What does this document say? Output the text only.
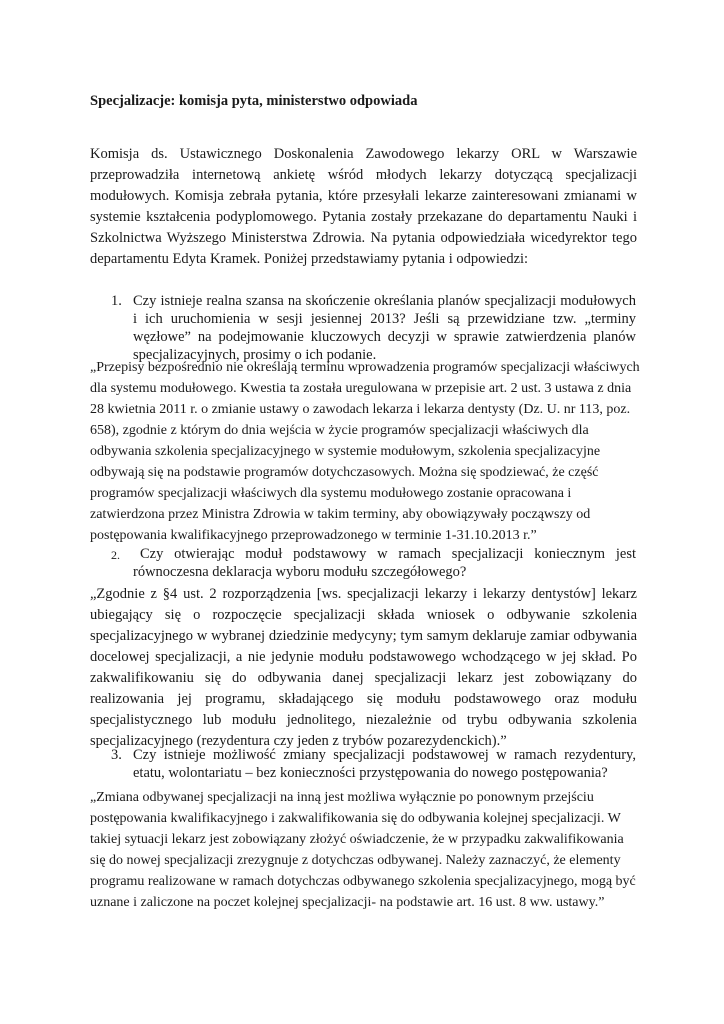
Specjalizacje: komisja pyta, ministerstwo odpowiada
Komisja ds. Ustawicznego Doskonalenia Zawodowego lekarzy ORL w Warszawie przeprowadziła internetową ankietę wśród młodych lekarzy dotyczącą specjalizacji modułowych. Komisja zebrała pytania, które przesyłali lekarze zainteresowani zmianami w systemie kształcenia podyplomowego. Pytania zostały przekazane do departamentu Nauki i Szkolnictwa Wyższego Ministerstwa Zdrowia. Na pytania odpowiedziała wicedyrektor tego departamentu Edyta Kramek. Poniżej przedstawiamy pytania i odpowiedzi:
1. Czy istnieje realna szansa na skończenie określania planów specjalizacji modułowych i ich uruchomienia w sesji jesiennej 2013? Jeśli są przewidziane tzw. „terminy węzłowe” na podejmowanie kluczowych decyzji w sprawie zatwierdzenia planów specjalizacyjnych, prosimy o ich podanie.
„Przepisy bezpośrednio nie określają terminu wprowadzenia programów specjalizacji właściwych dla systemu modułowego. Kwestia ta została uregulowana w przepisie art. 2 ust. 3 ustawa z dnia 28 kwietnia 2011 r. o zmianie ustawy o zawodach lekarza i lekarza dentysty (Dz. U. nr 113, poz. 658), zgodnie z którym do dnia wejścia w życie programów specjalizacji właściwych dla odbywania szkolenia specjalizacyjnego w systemie modułowym, szkolenia specjalizacyjne odbywają się na podstawie programów dotychczasowych. Można się spodziewać, że część programów specjalizacji właściwych dla systemu modułowego zostanie opracowana i zatwierdzona przez Ministra Zdrowia w takim terminy, aby obowiązywały począwszy od postępowania kwalifikacyjnego przeprowadzonego w terminie 1-31.10.2013 r.”
2.	Czy otwierając moduł podstawowy w ramach specjalizacji koniecznym jest równoczesna deklaracja wyboru modułu szczegółowego?
„Zgodnie z §4 ust. 2 rozporządzenia [ws. specjalizacji lekarzy i lekarzy dentystów] lekarz ubiegający się o rozpoczęcie specjalizacji składa wniosek o odbywanie szkolenia specjalizacyjnego w wybranej dziedzinie medycyny; tym samym deklaruje zamiar odbywania docelowej specjalizacji, a nie jedynie modułu podstawowego wchodzącego w jej skład. Po zakwalifikowaniu się do odbywania danej specjalizacji lekarz jest zobowiązany do realizowania jej programu, składającego się modułu podstawowego oraz modułu specjalistycznego lub modułu jednolitego, niezależnie od trybu odbywania szkolenia specjalizacyjnego (rezydentura czy jeden z trybów pozarezydenckich).”
3. Czy istnieje możliwość zmiany specjalizacji podstawowej w ramach rezydentury, etatu, wolontariatu – bez konieczności przystępowania do nowego postępowania?
„Zmiana odbywanej specjalizacji na inną jest możliwa wyłącznie po ponownym przejściu postępowania kwalifikacyjnego i zakwalifikowania się do odbywania kolejnej specjalizacji. W takiej sytuacji lekarz jest zobowiązany złożyć oświadczenie, że w przypadku zakwalifikowania się do nowej specjalizacji zrezygnuje z dotychczas odbywanej. Należy zaznaczyć, że elementy programu realizowane w ramach dotychczas odbywanego szkolenia specjalizacyjnego, mogą być uznane i zaliczone na poczet kolejnej specjalizacji- na podstawie art. 16 ust. 8 ww. ustawy.”
